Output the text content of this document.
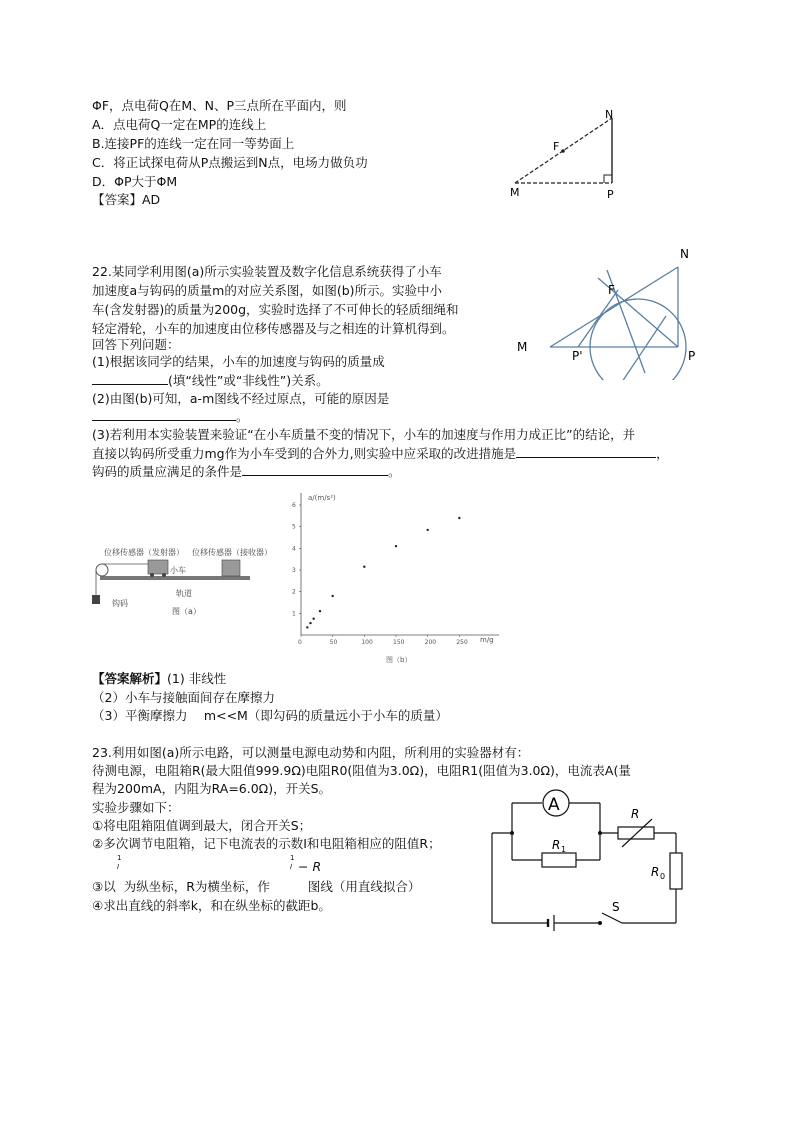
ΦF，点电荷Q在M、N、P三点所在平面内，则
A．点电荷Q一定在MP的连线上
B.连接PF的连线一定在同一等势面上
C．将正试探电荷从P点搬运到N点，电场力做负功
D．ΦP大于ΦM
【答案】AD
N
F
M	P
N
F
M
P'	P
22.某同学利用图(a)所示实验装置及数字化信息系统获得了小车
加速度a与钩码的质量m的对应关系图，如图(b)所示。实验中小
车(含发射器)的质量为200g，实验时选择了不可伸长的轻质细绳和
轻定滑轮，小车的加速度由位移传感器及与之相连的计算机得到。
回答下列问题：
(1)根据该同学的结果，小车的加速度与钩码的质量成
(填“线性”或“非线性”)关系。
(2)由图(b)可知，a-m图线不经过原点，可能的原因是
。
(3)若利用本实验装置来验证“在小车质量不变的情况下，小车的加速度与作用力成正比”的结论，并
直接以钩码所受重力mg作为小车受到的合外力,则实验中应采取的改进措施是	，
钩码的质量应满足的条件是	。
位移传感器（发射器） 位移传感器（接收器）
小车
轨道
钩码
图（a）
0	50	100	150	200	250
1
2
3
4
5
6
a/(m/s²)
m/g
图（b）
【答案解析】(1) 非线性
（2）小车与接触面间存在摩擦力
（3）平衡摩擦力　 m<<M（即勾码的质量远小于小车的质量）
23.利用如图(a)所示电路，可以测量电源电动势和内阻，所利用的实验器材有：
待测电源，电阻箱R(最大阻值999.9Ω)电阻R0(阻值为3.0Ω)，电阻R1(阻值为3.0Ω)，电流表A(量
程为200mA，内阻为RA=6.0Ω)，开关S。
实验步骤如下：
①将电阻箱阻值调到最大，闭合开关S；
②多次调节电阻箱，记下电流表的示数I和电阻箱相应的阻值R；
1
I
1
I − R
③以 为纵坐标，R为横坐标，作	图线（用直线拟合）
④求出直线的斜率k，和在纵坐标的截距b。
A
R 1
R
R 0
S
